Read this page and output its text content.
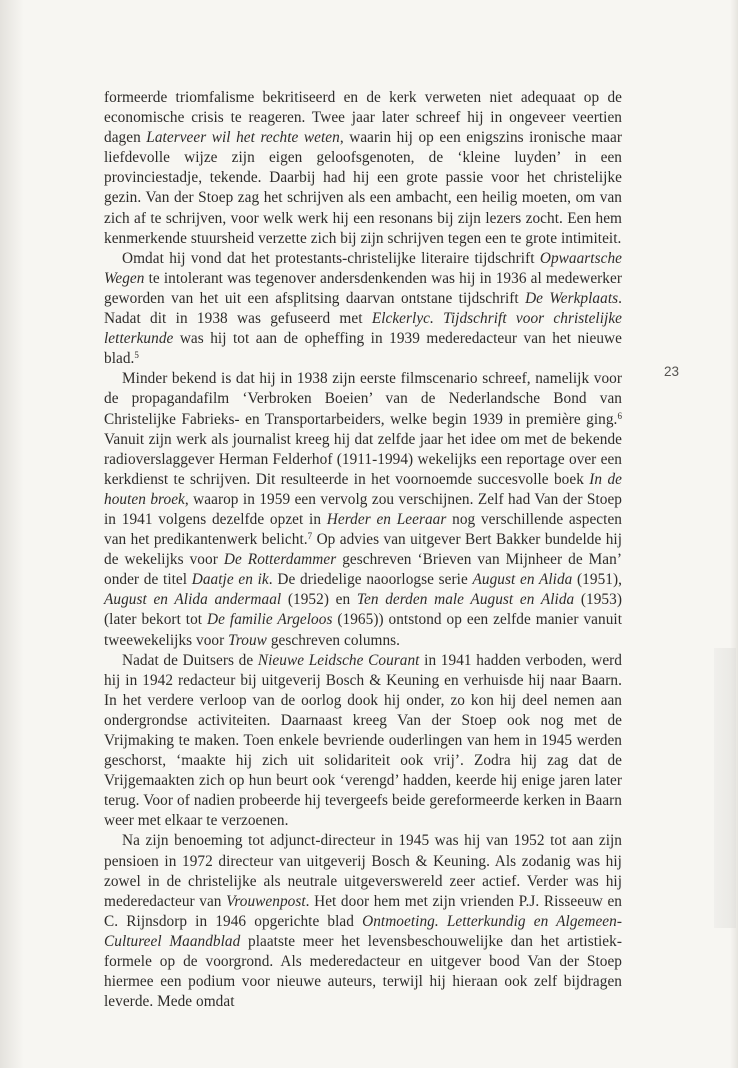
formeerde triomfalisme bekritiseerd en de kerk verweten niet adequaat op de economische crisis te reageren. Twee jaar later schreef hij in ongeveer veertien dagen Laterveer wil het rechte weten, waarin hij op een enigszins ironische maar liefdevolle wijze zijn eigen geloofsgenoten, de ‘kleine luyden’ in een provinciestadje, tekende. Daarbij had hij een grote passie voor het christelijke gezin. Van der Stoep zag het schrijven als een ambacht, een heilig moeten, om van zich af te schrijven, voor welk werk hij een resonans bij zijn lezers zocht. Een hem kenmerkende stuursheid verzette zich bij zijn schrijven tegen een te grote intimiteit.

Omdat hij vond dat het protestants-christelijke literaire tijdschrift Opwaartsche Wegen te intolerant was tegenover andersdenkenden was hij in 1936 al medewerker geworden van het uit een afsplitsing daarvan ontstane tijdschrift De Werkplaats. Nadat dit in 1938 was gefuseerd met Elckerlyc. Tijdschrift voor christelijke letterkunde was hij tot aan de opheffing in 1939 mederedacteur van het nieuwe blad.$^5$

Minder bekend is dat hij in 1938 zijn eerste filmscenario schreef, namelijk voor de propagandafilm ‘Verbroken Boeien’ van de Nederlandsche Bond van Christelijke Fabrieks- en Transportarbeiders, welke begin 1939 in première ging.$^6$ Vanuit zijn werk als journalist kreeg hij dat zelfde jaar het idee om met de bekende radioverslaggever Herman Felderhof (1911-1994) wekelijks een reportage over een kerkdienst te schrijven. Dit resulteerde in het voornoemde succesvolle boek In de houten broek, waarop in 1959 een vervolg zou verschijnen. Zelf had Van der Stoep in 1941 volgens dezelfde opzet in Herder en Leeraar nog verschillende aspecten van het predikantenwerk belicht.$^7$ Op advies van uitgever Bert Bakker bundelde hij de wekelijks voor De Rotterdammer geschreven ‘Brieven van Mijnheer de Man’ onder de titel Daatje en ik. De driedelige naoorlogse serie August en Alida (1951), August en Alida andermaal (1952) en Ten derden male August en Alida (1953) (later bekort tot De familie Argeloos (1965)) ontstond op een zelfde manier vanuit tweewekelijks voor Trouw geschreven columns.

Nadat de Duitsers de Nieuwe Leidsche Courant in 1941 hadden verboden, werd hij in 1942 redacteur bij uitgeverij Bosch & Keuning en verhuisde hij naar Baarn. In het verdere verloop van de oorlog dook hij onder, zo kon hij deel nemen aan ondergrondse activiteiten. Daarnaast kreeg Van der Stoep ook nog met de Vrijmaking te maken. Toen enkele bevriende ouderlingen van hem in 1945 werden geschorst, ‘maakte hij zich uit solidariteit ook vrij’. Zodra hij zag dat de Vrijgemaakten zich op hun beurt ook ‘verengd’ hadden, keerde hij enige jaren later terug. Voor of nadien probeerde hij tevergeefs beide gereformeerde kerken in Baarn weer met elkaar te verzoenen.

Na zijn benoeming tot adjunct-directeur in 1945 was hij van 1952 tot aan zijn pensioen in 1972 directeur van uitgeverij Bosch & Keuning. Als zodanig was hij zowel in de christelijke als neutrale uitgeverswereld zeer actief. Verder was hij mederedacteur van Vrouwenpost. Het door hem met zijn vrienden P.J. Risseeuw en C. Rijnsdorp in 1946 opgerichte blad Ontmoeting. Letterkundig en Algemeen-Cultureel Maandblad plaatste meer het levensbeschouwelijke dan het artistiek-formele op de voorgrond. Als mederedacteur en uitgever bood Van der Stoep hiermee een podium voor nieuwe auteurs, terwijl hij hieraan ook zelf bijdragen leverde. Mede omdat

23
